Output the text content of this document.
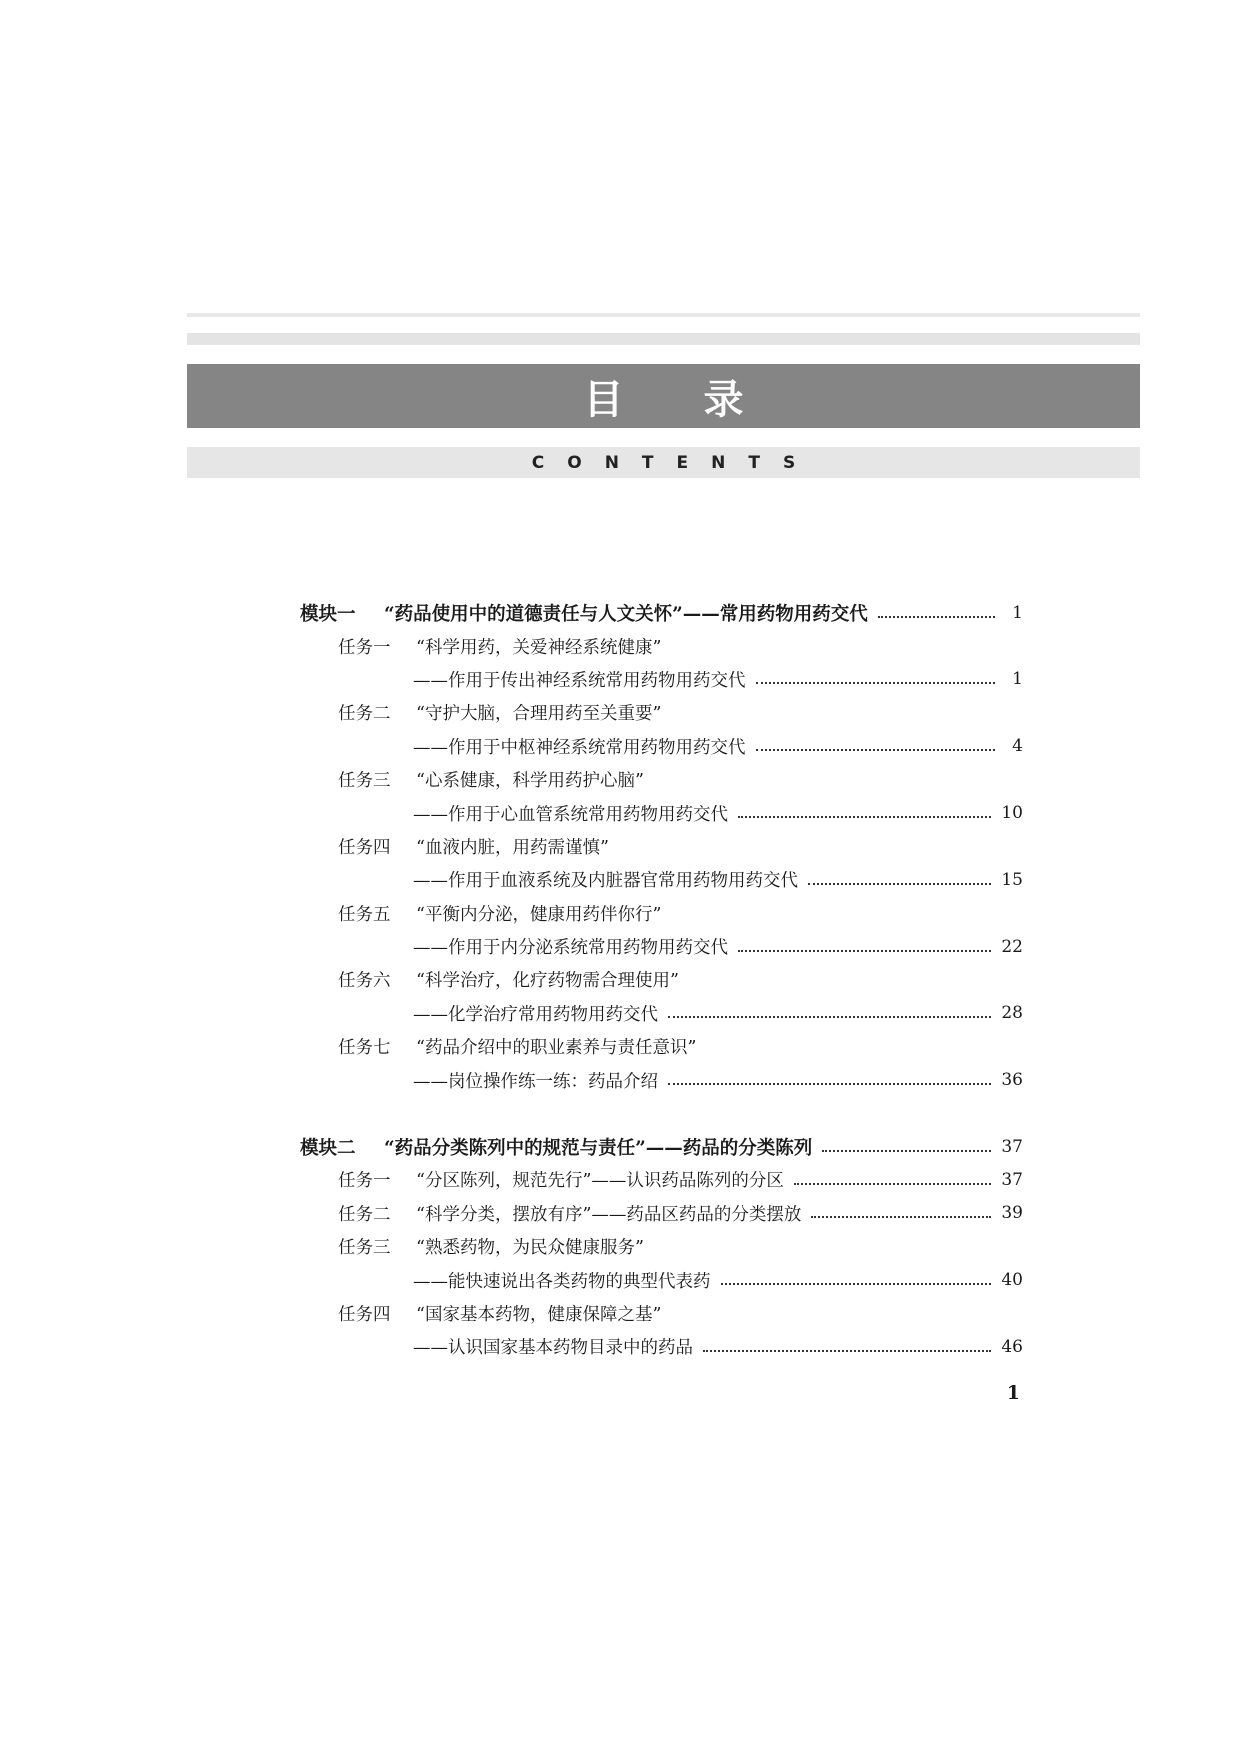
目录
CONTENTS
模块一	“药品使用中的道德责任与人文关怀”——常用药物用药交代	1
任务一	“科学用药，关爱神经系统健康”
——作用于传出神经系统常用药物用药交代	1
任务二	“守护大脑，合理用药至关重要”
——作用于中枢神经系统常用药物用药交代	4
任务三	“心系健康，科学用药护心脑”
——作用于心血管系统常用药物用药交代	10
任务四	“血液内脏，用药需谨慎”
——作用于血液系统及内脏器官常用药物用药交代	15
任务五	“平衡内分泌，健康用药伴你行”
——作用于内分泌系统常用药物用药交代	22
任务六	“科学治疗，化疗药物需合理使用”
——化学治疗常用药物用药交代	28
任务七	“药品介绍中的职业素养与责任意识”
——岗位操作练一练：药品介绍	36
模块二	“药品分类陈列中的规范与责任”——药品的分类陈列	37
任务一	“分区陈列，规范先行”——认识药品陈列的分区	37
任务二	“科学分类，摆放有序”——药品区药品的分类摆放	39
任务三	“熟悉药物，为民众健康服务”
——能快速说出各类药物的典型代表药	40
任务四	“国家基本药物，健康保障之基”
——认识国家基本药物目录中的药品	46
1
